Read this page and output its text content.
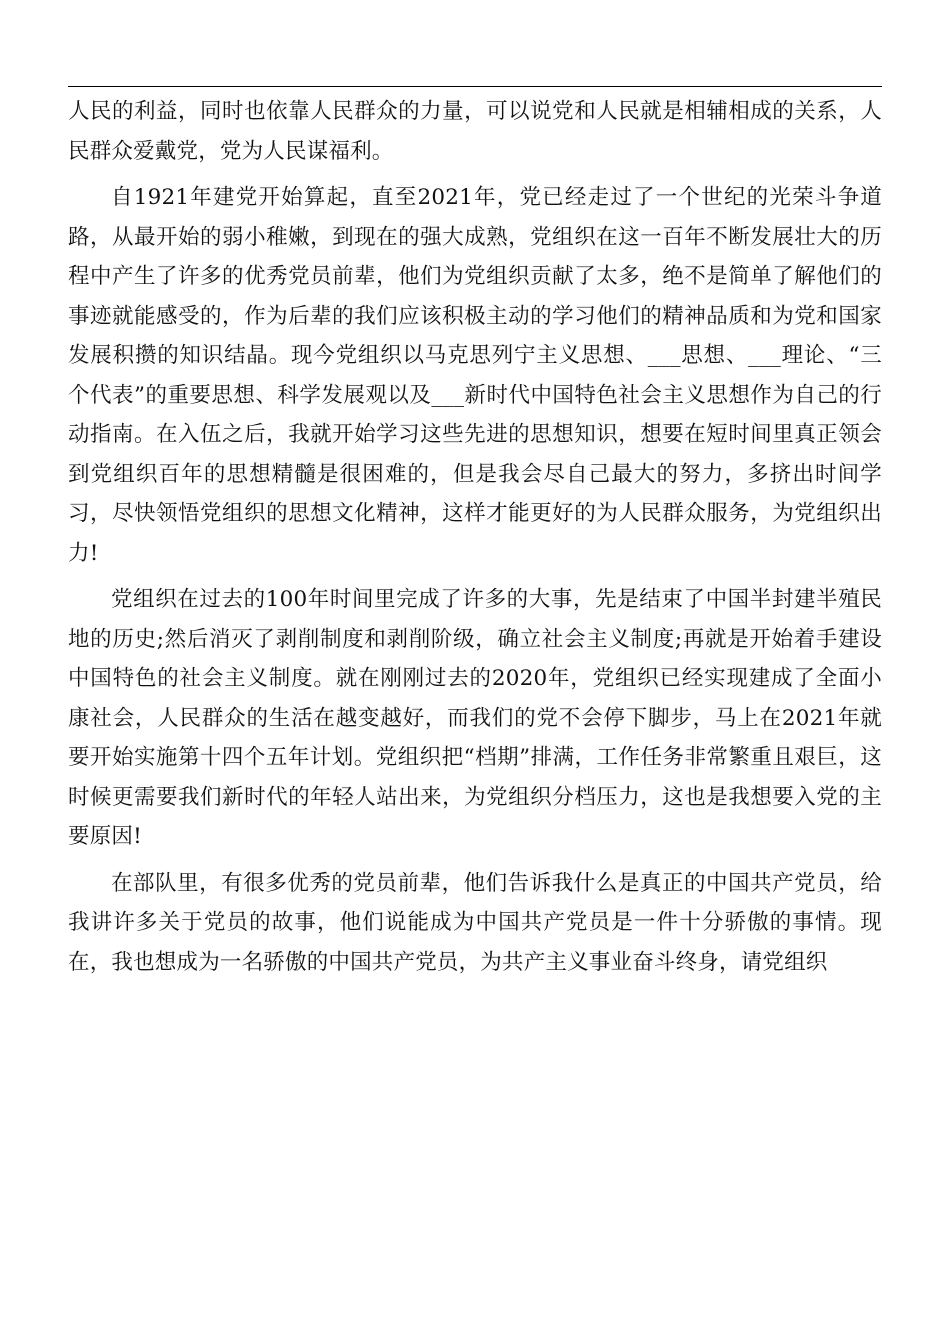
人民的利益，同时也依靠人民群众的力量，可以说党和人民就是相辅相成的关系，人民群众爱戴党，党为人民谋福利。

自1921年建党开始算起，直至2021年，党已经走过了一个世纪的光荣斗争道路，从最开始的弱小稚嫩，到现在的强大成熟，党组织在这一百年不断发展壮大的历程中产生了许多的优秀党员前辈，他们为党组织贡献了太多，绝不是简单了解他们的事迹就能感受的，作为后辈的我们应该积极主动的学习他们的精神品质和为党和国家发展积攒的知识结晶。现今党组织以马克思列宁主义思想、___思想、___理论、“三个代表”的重要思想、科学发展观以及___新时代中国特色社会主义思想作为自己的行动指南。在入伍之后，我就开始学习这些先进的思想知识，想要在短时间里真正领会到党组织百年的思想精髓是很困难的，但是我会尽自己最大的努力，多挤出时间学习，尽快领悟党组织的思想文化精神，这样才能更好的为人民群众服务，为党组织出力!

党组织在过去的100年时间里完成了许多的大事，先是结束了中国半封建半殖民地的历史;然后消灭了剥削制度和剥削阶级，确立社会主义制度;再就是开始着手建设中国特色的社会主义制度。就在刚刚过去的2020年，党组织已经实现建成了全面小康社会，人民群众的生活在越变越好，而我们的党不会停下脚步，马上在2021年就要开始实施第十四个五年计划。党组织把“档期”排满，工作任务非常繁重且艰巨，这时候更需要我们新时代的年轻人站出来，为党组织分档压力，这也是我想要入党的主要原因!

在部队里，有很多优秀的党员前辈，他们告诉我什么是真正的中国共产党员，给我讲许多关于党员的故事，他们说能成为中国共产党员是一件十分骄傲的事情。现在，我也想成为一名骄傲的中国共产党员，为共产主义事业奋斗终身，请党组织
